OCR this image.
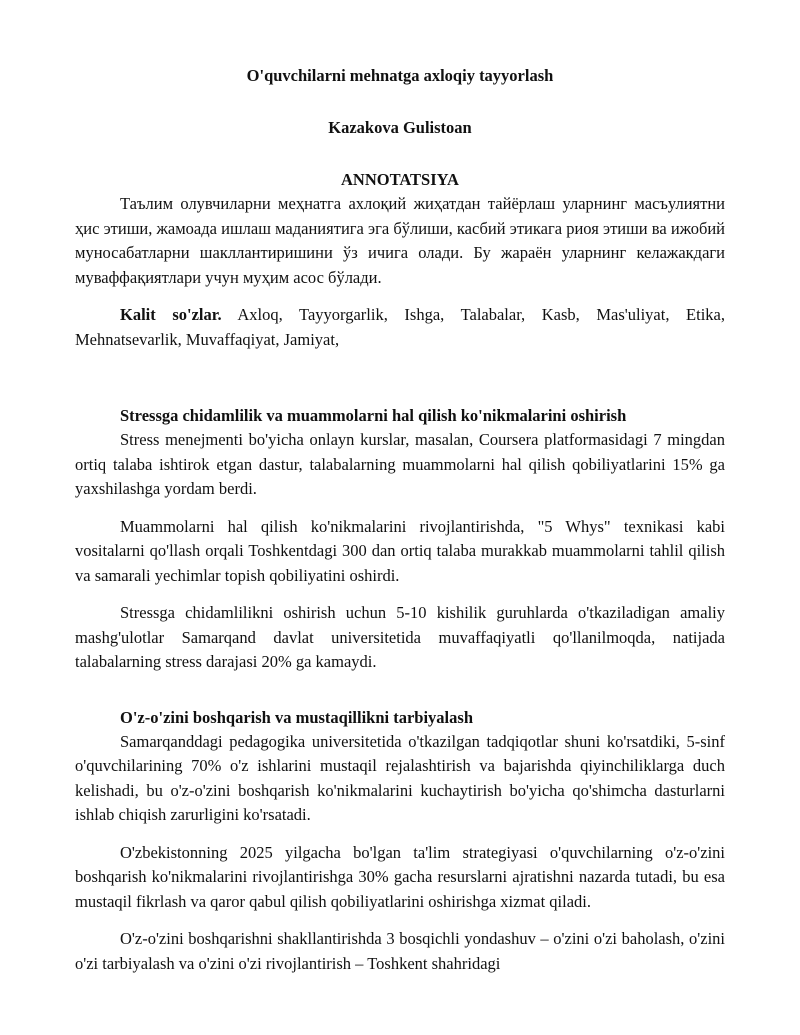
O'quvchilarni mehnatga axloqiy tayyorlash
Kazakova Gulistoan
ANNOTATSIYA

Таълим олувчиларни меҳнатга ахлоқий жиҳатдан тайёрлаш уларнинг масъулиятни ҳис этиши, жамоада ишлаш маданиятига эга бўлиши, касбий этикага риоя этиши ва ижобий муносабатларни шакллантиришини ўз ичига олади. Бу жараён уларнинг келажакдаги муваффақиятлари учун муҳим асос бўлади.

Kalit so'zlar. Axloq, Tayyorgarlik, Ishga, Talabalar, Kasb, Mas'uliyat, Etika, Mehnatsevarlik, Muvaffaqiyat, Jamiyat,

Stressga chidamlilik va muammolarni hal qilish ko'nikmalarini oshirish

Stress menejmenti bo'yicha onlayn kurslar, masalan, Coursera platformasidagi 7 mingdan ortiq talaba ishtirok etgan dastur, talabalarning muammolarni hal qilish qobiliyatlarini 15% ga yaxshilashga yordam berdi.

Muammolarni hal qilish ko'nikmalarini rivojlantirishda, "5 Whys" texnikasi kabi vositalarni qo'llash orqali Toshkentdagi 300 dan ortiq talaba murakkab muammolarni tahlil qilish va samarali yechimlar topish qobiliyatini oshirdi.

Stressga chidamlilikni oshirish uchun 5-10 kishilik guruhlarda o'tkaziladigan amaliy mashg'ulotlar Samarqand davlat universitetida muvaffaqiyatli qo'llanilmoqda, natijada talabalarning stress darajasi 20% ga kamaydi.

O'z-o'zini boshqarish va mustaqillikni tarbiyalash

Samarqanddagi pedagogika universitetida o'tkazilgan tadqiqotlar shuni ko'rsatdiki, 5-sinf o'quvchilarining 70% o'z ishlarini mustaqil rejalashtirish va bajarishda qiyinchiliklarga duch kelishadi, bu o'z-o'zini boshqarish ko'nikmalarini kuchaytirish bo'yicha qo'shimcha dasturlarni ishlab chiqish zarurligini ko'rsatadi.

O'zbekistonning 2025 yilgacha bo'lgan ta'lim strategiyasi o'quvchilarning o'z-o'zini boshqarish ko'nikmalarini rivojlantirishga 30% gacha resurslarni ajratishni nazarda tutadi, bu esa mustaqil fikrlash va qaror qabul qilish qobiliyatlarini oshirishga xizmat qiladi.

O'z-o'zini boshqarishni shakllantirishda 3 bosqichli yondashuv – o'zini o'zi baholash, o'zini o'zi tarbiyalash va o'zini o'zi rivojlantirish – Toshkent shahridagi
